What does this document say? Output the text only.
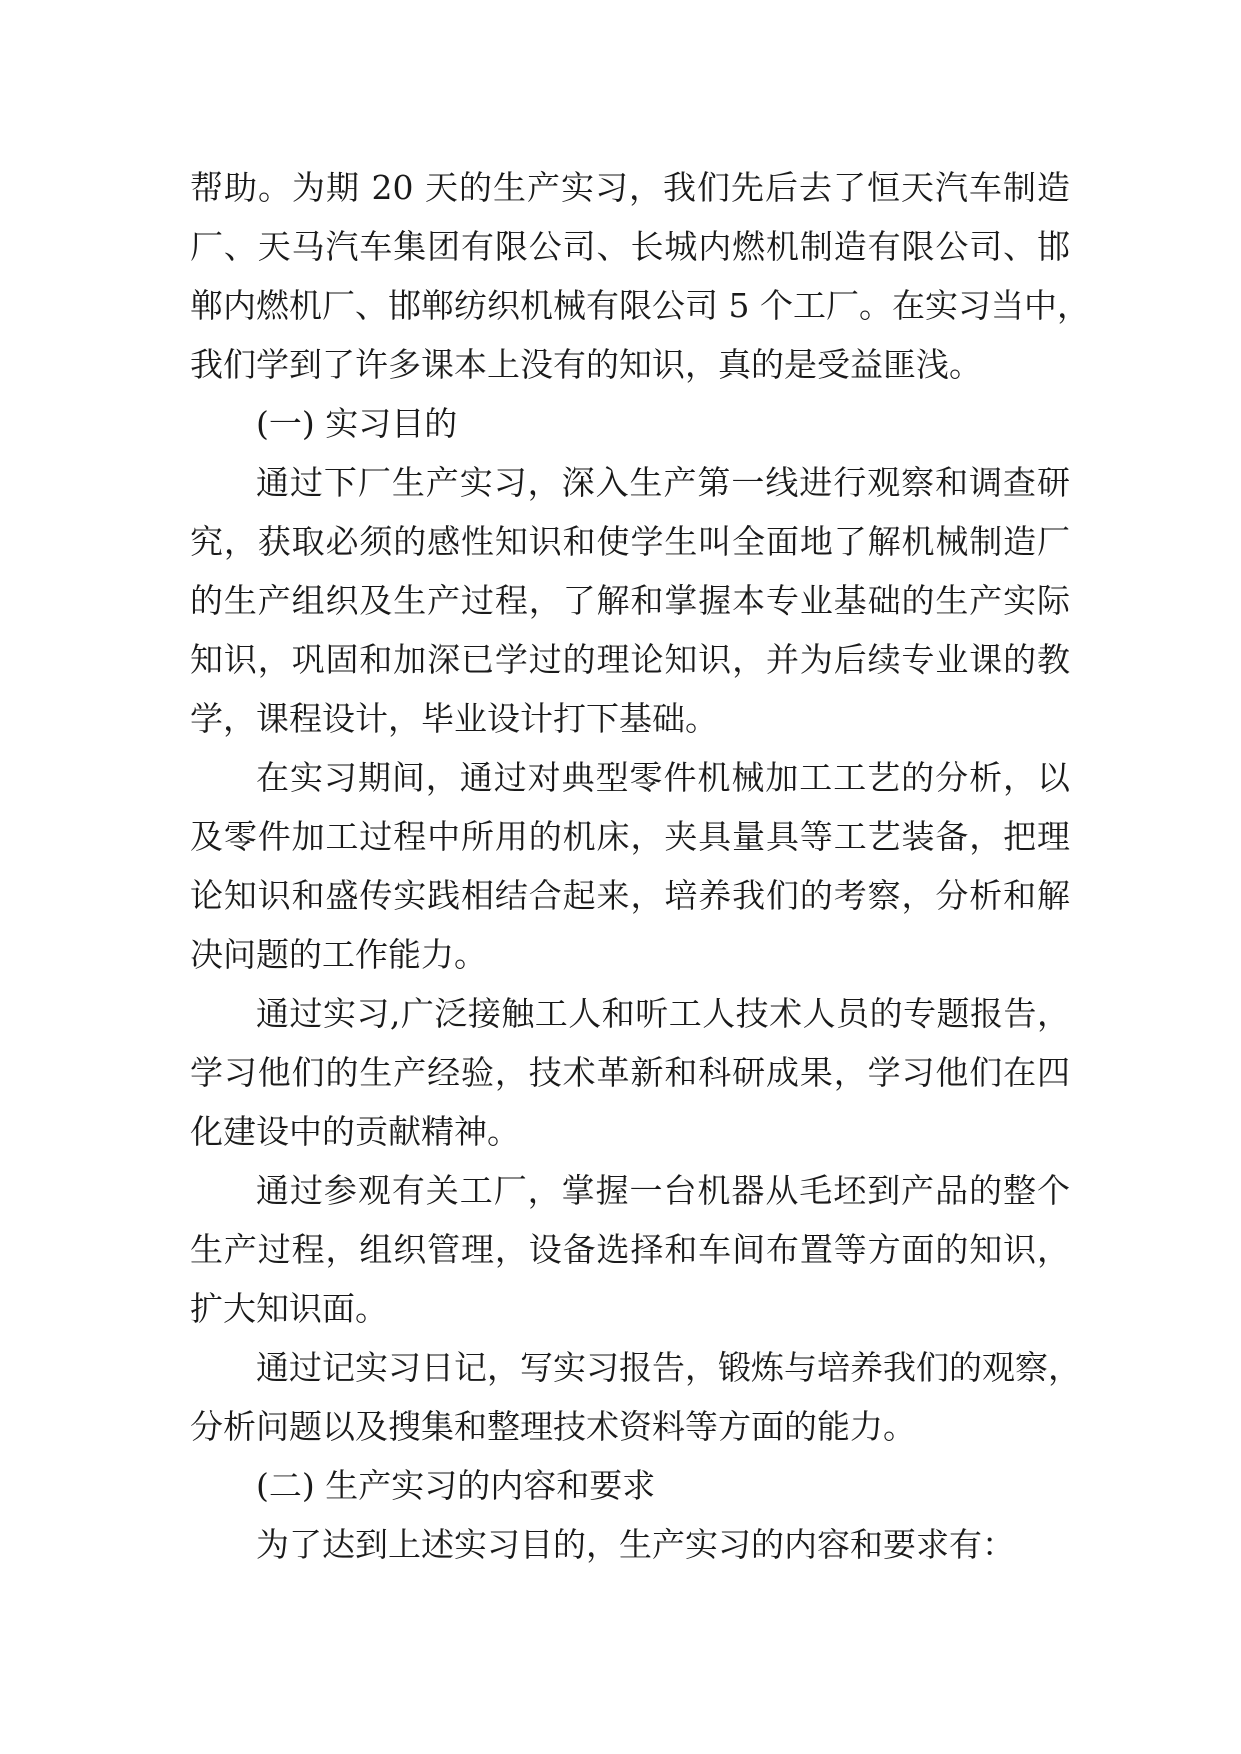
帮助。为期 20 天的生产实习，我们先后去了恒天汽车制造
厂、天马汽车集团有限公司、长城内燃机制造有限公司、邯
郸内燃机厂、邯郸纺织机械有限公司 5 个工厂。在实习当中，
我们学到了许多课本上没有的知识，真的是受益匪浅。
(一) 实习目的
通过下厂生产实习，深入生产第一线进行观察和调查研
究，获取必须的感性知识和使学生叫全面地了解机械制造厂
的生产组织及生产过程，了解和掌握本专业基础的生产实际
知识，巩固和加深已学过的理论知识，并为后续专业课的教
学，课程设计，毕业设计打下基础。
在实习期间，通过对典型零件机械加工工艺的分析，以
及零件加工过程中所用的机床，夹具量具等工艺装备，把理
论知识和盛传实践相结合起来，培养我们的考察，分析和解
决问题的工作能力。
通过实习,广泛接触工人和听工人技术人员的专题报告，
学习他们的生产经验，技术革新和科研成果，学习他们在四
化建设中的贡献精神。
通过参观有关工厂，掌握一台机器从毛坯到产品的整个
生产过程，组织管理，设备选择和车间布置等方面的知识，
扩大知识面。
通过记实习日记，写实习报告，锻炼与培养我们的观察，
分析问题以及搜集和整理技术资料等方面的能力。
(二) 生产实习的内容和要求
为了达到上述实习目的，生产实习的内容和要求有：
